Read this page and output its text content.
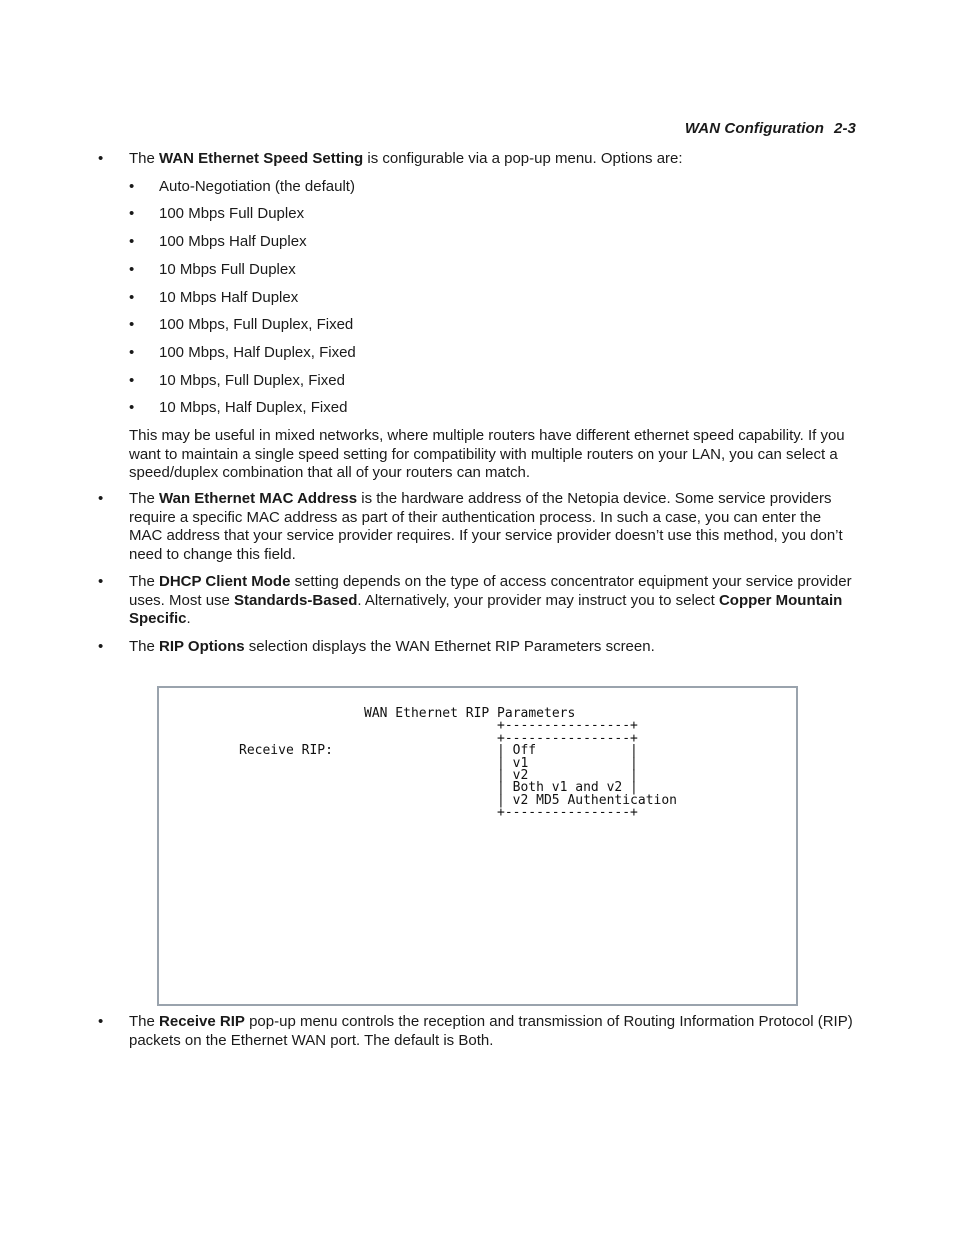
WAN Configuration 2-3
• The WAN Ethernet Speed Setting is configurable via a pop-up menu. Options are:
• Auto-Negotiation (the default)
• 100 Mbps Full Duplex
• 100 Mbps Half Duplex
• 10 Mbps Full Duplex
• 10 Mbps Half Duplex
• 100 Mbps, Full Duplex, Fixed
• 100 Mbps, Half Duplex, Fixed
• 10 Mbps, Full Duplex, Fixed
• 10 Mbps, Half Duplex, Fixed
This may be useful in mixed networks, where multiple routers have different ethernet speed capability. If you want to maintain a single speed setting for compatibility with multiple routers on your LAN, you can select a speed/duplex combination that all of your routers can match.
• The Wan Ethernet MAC Address is the hardware address of the Netopia device. Some service providers require a specific MAC address as part of their authentication process. In such a case, you can enter the MAC address that your service provider requires. If your service provider doesn’t use this method, you don’t need to change this field.
• The DHCP Client Mode setting depends on the type of access concentrator equipment your service provider uses. Most use Standards-Based. Alternatively, your provider may instruct you to select Copper Mountain Specific.
• The RIP Options selection displays the WAN Ethernet RIP Parameters screen.
WAN Ethernet RIP Parameters
+----------------+
+----------------+
Receive RIP:	| Off            |
| v1             |
| v2             |
| Both v1 and v2 |
| v2 MD5 Authentication
+----------------+
• The Receive RIP pop-up menu controls the reception and transmission of Routing Information Protocol (RIP) packets on the Ethernet WAN port. The default is Both.
